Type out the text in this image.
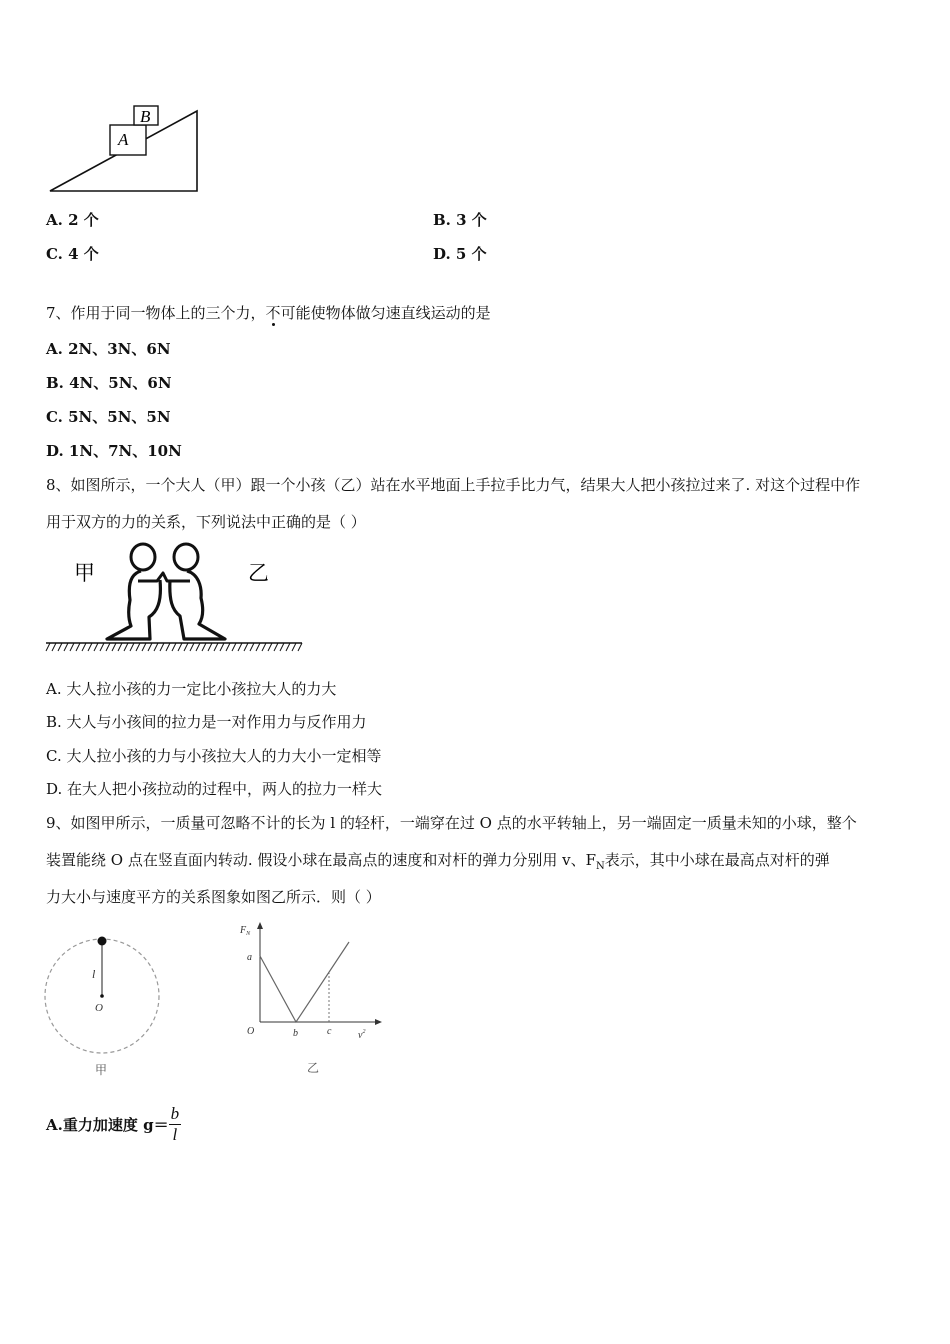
A
B
A. 2 个	B. 3 个
C. 4 个	D. 5 个
7、作用于同一物体上的三个力，不可能使物体做匀速直线运动的是
A. 2N、3N、6N
B. 4N、5N、6N
C. 5N、5N、5N
D. 1N、7N、10N
8、如图所示，一个大人（甲）跟一个小孩（乙）站在水平地面上手拉手比力气，结果大人把小孩拉过来了. 对这个过程中作
用于双方的力的关系，下列说法中正确的是（ ）
甲	乙
A. 大人拉小孩的力一定比小孩拉大人的力大
B. 大人与小孩间的拉力是一对作用力与反作用力
C. 大人拉小孩的力与小孩拉大人的力大小一定相等
D. 在大人把小孩拉动的过程中，两人的拉力一样大
9、如图甲所示，一质量可忽略不计的长为 l 的轻杆，一端穿在过 O 点的水平转轴上，另一端固定一质量未知的小球，整个
装置能绕 O 点在竖直面内转动. 假设小球在最高点的速度和对杆的弹力分别用 v、$F_N$表示，其中小球在最高点对杆的弹
力大小与速度平方的关系图象如图乙所示．则（ ）
l
O
甲
$F_N$
a
O	b	c	$v^2$
乙
A.重力加速度 $g= \frac{b}{l}$
